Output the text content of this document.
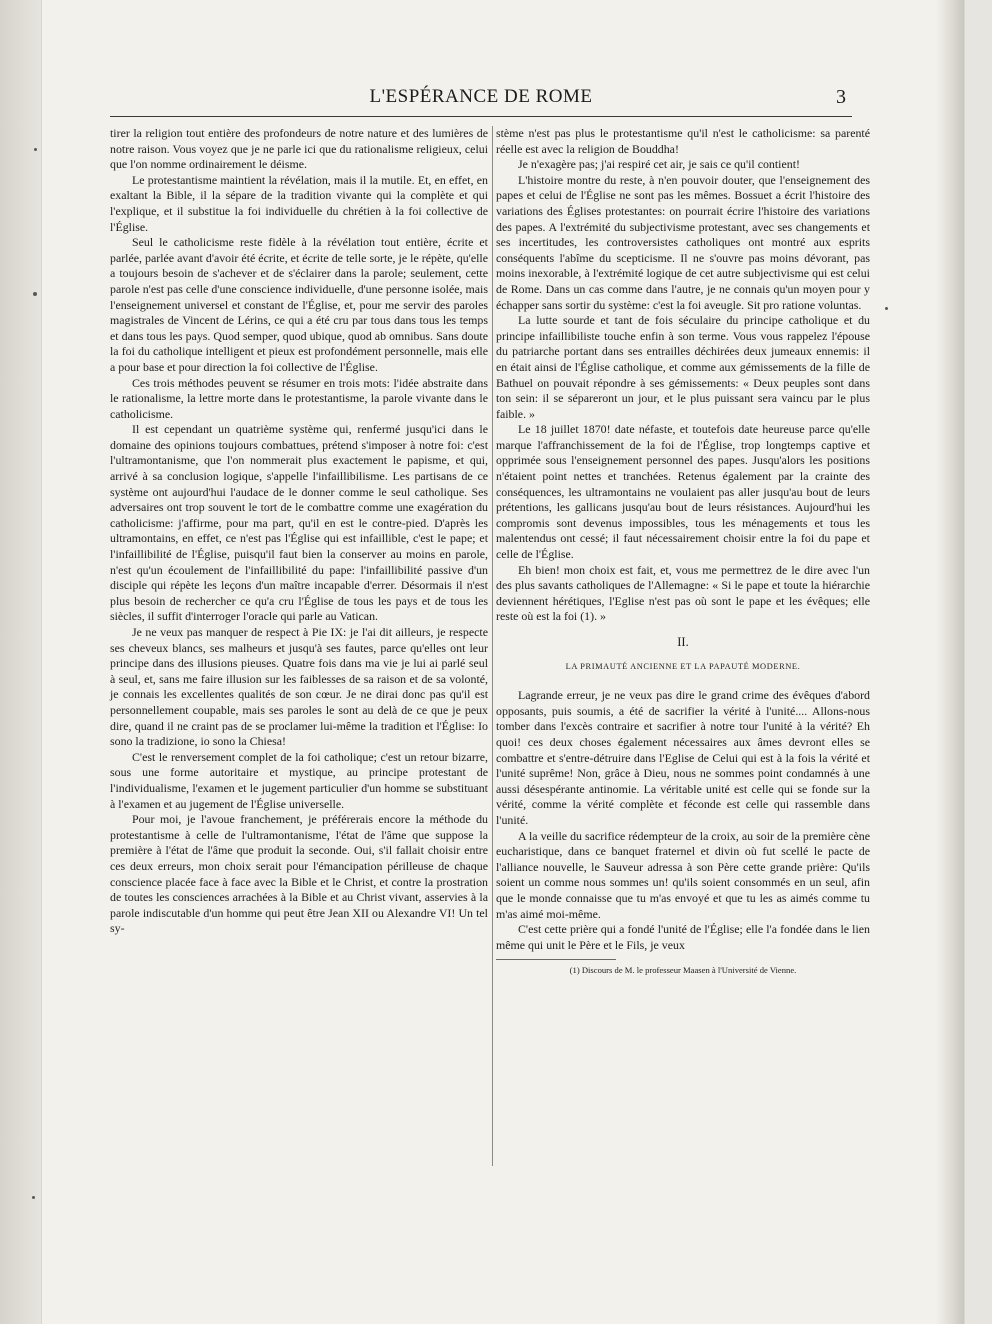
L'ESPÉRANCE DE ROME	3

tirer la religion tout entière des profondeurs de notre nature et des lumières de notre raison. Vous voyez que je ne parle ici que du rationalisme religieux, celui que l'on nomme ordinairement le déisme.

Le protestantisme maintient la révélation, mais il la mutile. Et, en effet, en exaltant la Bible, il la sépare de la tradition vivante qui la complète et qui l'explique, et il substitue la foi individuelle du chrétien à la foi collective de l'Église.

Seul le catholicisme reste fidèle à la révélation tout entière, écrite et parlée, parlée avant d'avoir été écrite, et écrite de telle sorte, je le répète, qu'elle a toujours besoin de s'achever et de s'éclairer dans la parole; seulement, cette parole n'est pas celle d'une conscience individuelle, d'une personne isolée, mais l'enseignement universel et constant de l'Église, et, pour me servir des paroles magistrales de Vincent de Lérins, ce qui a été cru par tous dans tous les temps et dans tous les pays. Quod semper, quod ubique, quod ab omnibus. Sans doute la foi du catholique intelligent et pieux est profondément personnelle, mais elle a pour base et pour direction la foi collective de l'Église.

Ces trois méthodes peuvent se résumer en trois mots: l'idée abstraite dans le rationalisme, la lettre morte dans le protestantisme, la parole vivante dans le catholicisme.

Il est cependant un quatrième système qui, renfermé jusqu'ici dans le domaine des opinions toujours combattues, prétend s'imposer à notre foi: c'est l'ultramontanisme, que l'on nommerait plus exactement le papisme, et qui, arrivé à sa conclusion logique, s'appelle l'infaillibilisme. Les partisans de ce système ont aujourd'hui l'audace de le donner comme le seul catholique. Ses adversaires ont trop souvent le tort de le combattre comme une exagération du catholicisme: j'affirme, pour ma part, qu'il en est le contre-pied. D'après les ultramontains, en effet, ce n'est pas l'Église qui est infaillible, c'est le pape; et l'infaillibilité de l'Église, puisqu'il faut bien la conserver au moins en parole, n'est qu'un écoulement de l'infaillibilité du pape: l'infaillibilité passive d'un disciple qui répète les leçons d'un maître incapable d'errer. Désormais il n'est plus besoin de rechercher ce qu'a cru l'Église de tous les pays et de tous les siècles, il suffit d'interroger l'oracle qui parle au Vatican.

Je ne veux pas manquer de respect à Pie IX: je l'ai dit ailleurs, je respecte ses cheveux blancs, ses malheurs et jusqu'à ses fautes, parce qu'elles ont leur principe dans des illusions pieuses. Quatre fois dans ma vie je lui ai parlé seul à seul, et, sans me faire illusion sur les faiblesses de sa raison et de sa volonté, je connais les excellentes qualités de son cœur. Je ne dirai donc pas qu'il est personnellement coupable, mais ses paroles le sont au delà de ce que je peux dire, quand il ne craint pas de se proclamer lui-même la tradition et l'Église: Io sono la tradizione, io sono la Chiesa!

C'est le renversement complet de la foi catholique; c'est un retour bizarre, sous une forme autoritaire et mystique, au principe protestant de l'individualisme, l'examen et le jugement particulier d'un homme se substituant à l'examen et au jugement de l'Église universelle.

Pour moi, je l'avoue franchement, je préférerais encore la méthode du protestantisme à celle de l'ultramontanisme, l'état de l'âme que suppose la première à l'état de l'âme que produit la seconde. Oui, s'il fallait choisir entre ces deux erreurs, mon choix serait pour l'émancipation périlleuse de chaque conscience placée face à face avec la Bible et le Christ, et contre la prostration de toutes les consciences arrachées à la Bible et au Christ vivant, asservies à la parole indiscutable d'un homme qui peut être Jean XII ou Alexandre VI! Un tel sy-

stème n'est pas plus le protestantisme qu'il n'est le catholicisme: sa parenté réelle est avec la religion de Bouddha!

Je n'exagère pas; j'ai respiré cet air, je sais ce qu'il contient!

L'histoire montre du reste, à n'en pouvoir douter, que l'enseignement des papes et celui de l'Église ne sont pas les mêmes. Bossuet a écrit l'histoire des variations des Églises protestantes: on pourrait écrire l'histoire des variations des papes. A l'extrémité du subjectivisme protestant, avec ses changements et ses incertitudes, les controversistes catholiques ont montré aux esprits conséquents l'abîme du scepticisme. Il ne s'ouvre pas moins dévorant, pas moins inexorable, à l'extrémité logique de cet autre subjectivisme qui est celui de Rome. Dans un cas comme dans l'autre, je ne connais qu'un moyen pour y échapper sans sortir du système: c'est la foi aveugle. Sit pro ratione voluntas.

La lutte sourde et tant de fois séculaire du principe catholique et du principe infaillibiliste touche enfin à son terme. Vous vous rappelez l'épouse du patriarche portant dans ses entrailles déchirées deux jumeaux ennemis: il en était ainsi de l'Église catholique, et comme aux gémissements de la fille de Bathuel on pouvait répondre à ses gémissements: « Deux peuples sont dans ton sein: il se sépareront un jour, et le plus puissant sera vaincu par le plus faible. »

Le 18 juillet 1870! date néfaste, et toutefois date heureuse parce qu'elle marque l'affranchissement de la foi de l'Église, trop longtemps captive et opprimée sous l'enseignement personnel des papes. Jusqu'alors les positions n'étaient point nettes et tranchées. Retenus également par la crainte des conséquences, les ultramontains ne voulaient pas aller jusqu'au bout de leurs prétentions, les gallicans jusqu'au bout de leurs résistances. Aujourd'hui les compromis sont devenus impossibles, tous les ménagements et tous les malentendus ont cessé; il faut nécessairement choisir entre la foi du pape et celle de l'Église.

Eh bien! mon choix est fait, et, vous me permettrez de le dire avec l'un des plus savants catholiques de l'Allemagne: « Si le pape et toute la hiérarchie deviennent hérétiques, l'Eglise n'est pas où sont le pape et les évêques; elle reste où est la foi (1). »

II.
LA PRIMAUTÉ ANCIENNE ET LA PAPAUTÉ MODERNE.

Lagrande erreur, je ne veux pas dire le grand crime des évêques d'abord opposants, puis soumis, a été de sacrifier la vérité à l'unité.... Allons-nous tomber dans l'excès contraire et sacrifier à notre tour l'unité à la vérité? Eh quoi! ces deux choses également nécessaires aux âmes devront elles se combattre et s'entre-détruire dans l'Eglise de Celui qui est à la fois la vérité et l'unité suprême! Non, grâce à Dieu, nous ne sommes point condamnés à une aussi désespérante antinomie. La véritable unité est celle qui se fonde sur la vérité, comme la vérité complète et féconde est celle qui rassemble dans l'unité.

A la veille du sacrifice rédempteur de la croix, au soir de la première cène eucharistique, dans ce banquet fraternel et divin où fut scellé le pacte de l'alliance nouvelle, le Sauveur adressa à son Père cette grande prière: Qu'ils soient un comme nous sommes un! qu'ils soient consommés en un seul, afin que le monde connaisse que tu m'as envoyé et que tu les as aimés comme tu m'as aimé moi-même.

C'est cette prière qui a fondé l'unité de l'Église; elle l'a fondée dans le lien même qui unit le Père et le Fils, je veux

(1) Discours de M. le professeur Maasen à l'Université de Vienne.
